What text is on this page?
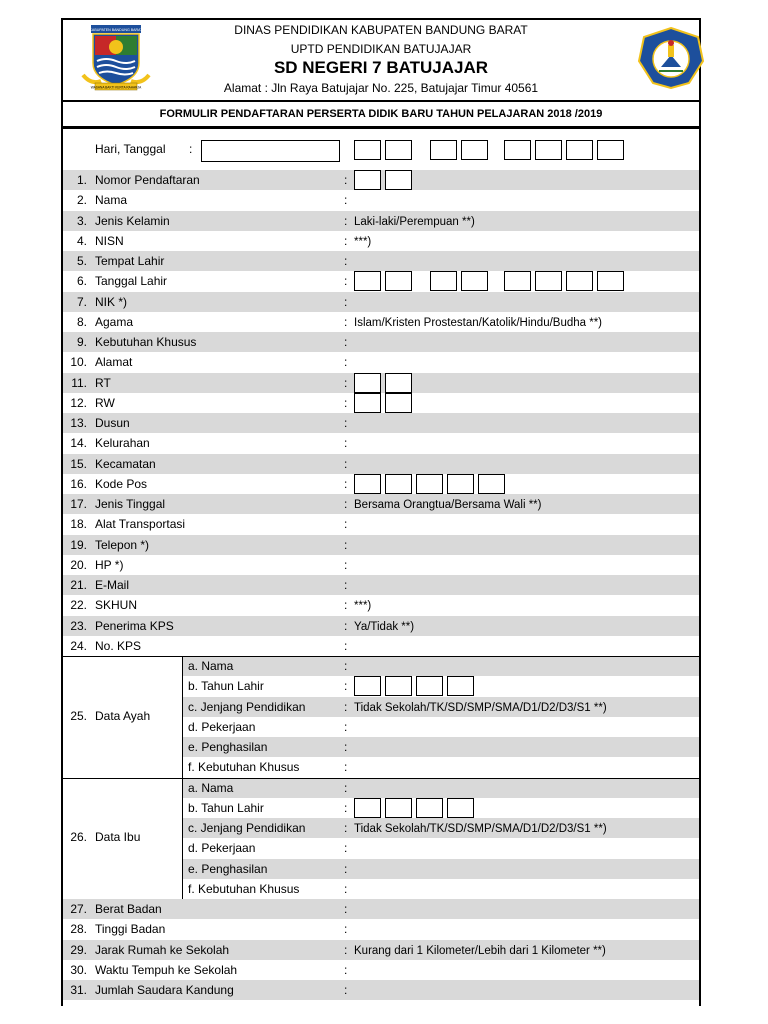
KABUPATEN BANDUNG BARAT
WASANA BAKTI KERTA RAHARJA
DINAS PENDIDIKAN KABUPATEN BANDUNG BARAT
UPTD PENDIDIKAN BATUJAJAR
SD NEGERI 7 BATUJAJAR
Alamat : Jln Raya Batujajar No. 225, Batujajar Timur 40561
FORMULIR PENDAFTARAN PERSERTA DIDIK BARU TAHUN PELAJARAN 2018 /2019
Hari, Tanggal :
1. Nomor Pendaftaran	:
2. Nama	:
3. Jenis Kelamin	: Laki-laki/Perempuan **)
4. NISN	: ***)
5. Tempat Lahir	:
6. Tanggal Lahir	:
7. NIK *)	:
8. Agama	: Islam/Kristen Prostestan/Katolik/Hindu/Budha **)
9. Kebutuhan Khusus	:
10. Alamat	:
11. RT	:
12. RW	:
13. Dusun	:
14. Kelurahan	:
15. Kecamatan	:
16. Kode Pos	:
17. Jenis Tinggal	: Bersama Orangtua/Bersama Wali **)
18. Alat Transportasi	:
19. Telepon *)	:
20. HP *)	:
21. E-Mail	:
22. SKHUN	: ***)
23. Penerima KPS	: Ya/Tidak **)
24. No. KPS	:
a. Nama	:
b. Tahun Lahir	:
c. Jenjang Pendidikan	: Tidak Sekolah/TK/SD/SMP/SMA/D1/D2/D3/S1 **)
d. Pekerjaan	:
e. Penghasilan	:
f. Kebutuhan Khusus	:
25. Data Ayah
a. Nama	:
b. Tahun Lahir	:
c. Jenjang Pendidikan	: Tidak Sekolah/TK/SD/SMP/SMA/D1/D2/D3/S1 **)
d. Pekerjaan	:
e. Penghasilan	:
f. Kebutuhan Khusus	:
26. Data Ibu
27. Berat Badan	:
28. Tinggi Badan	:
29. Jarak Rumah ke Sekolah	: Kurang dari 1 Kilometer/Lebih dari 1 Kilometer **)
30. Waktu Tempuh ke Sekolah	:
31. Jumlah Saudara Kandung	:
